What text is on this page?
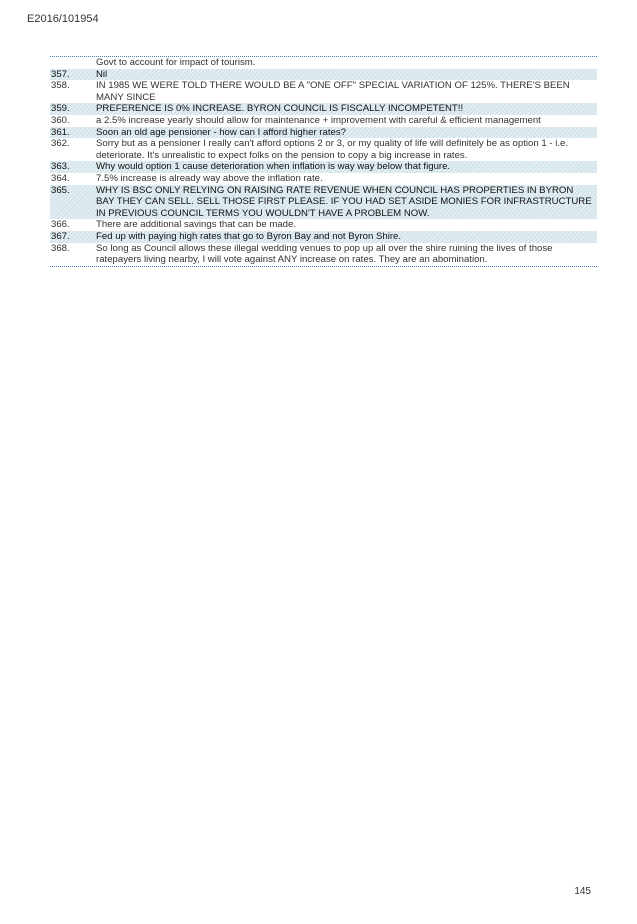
E2016/101954
Govt to account for impact of tourism.
357.	Nil
358.	IN 1985 WE WERE TOLD THERE WOULD BE A "ONE OFF" SPECIAL VARIATION OF 125%. THERE'S BEEN MANY SINCE
359.	PREFERENCE IS 0% INCREASE. BYRON COUNCIL IS FISCALLY INCOMPETENT!!
360.	a 2.5% increase yearly should allow for maintenance + improvement with careful & efficient management
361.	Soon an old age pensioner - how can I afford higher rates?
362.	Sorry but as a pensioner I really can't afford options 2 or 3, or my quality of life will definitely be as option 1 - i.e. deteriorate. It's unrealistic to expect folks on the pension to copy a big increase in rates.
363.	Why would option 1 cause deterioration when inflation is way way below that figure.
364.	7.5% increase is already way above the inflation rate.
365.	WHY IS BSC ONLY RELYING ON RAISING RATE REVENUE WHEN COUNCIL HAS PROPERTIES IN BYRON BAY THEY CAN SELL. SELL THOSE FIRST PLEASE. IF YOU HAD SET ASIDE MONIES FOR INFRASTRUCTURE IN PREVIOUS COUNCIL TERMS YOU WOULDN'T HAVE A PROBLEM NOW.
366.	There are additional savings that can be made.
367.	Fed up with paying high rates that go to Byron Bay and not Byron Shire.
368.	So long as Council allows these illegal wedding venues to pop up all over the shire ruining the lives of those ratepayers living nearby, I will vote against ANY increase on rates. They are an abomination.
145
